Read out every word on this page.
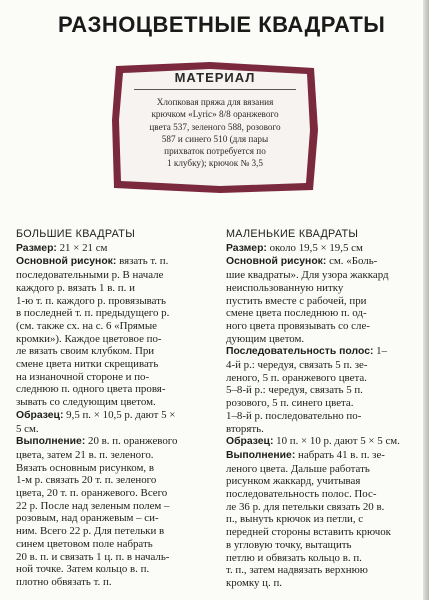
РАЗНОЦВЕТНЫЕ КВАДРАТЫ
МАТЕРИАЛ
Хлопковая пряжа для вязания
крючком «Lyric» 8/8 оранжевого
цвета 537, зеленого 588, розового
587 и синего 510 (для пары
прихваток потребуется по
1 клубку); крючок № 3,5
БОЛЬШИЕ КВАДРАТЫ

Размер: 21 × 21 см

Основной рисунок: вязать т. п.
последовательными р. В начале
каждого р. вязать 1 в. п. и
1-ю т. п. каждого р. провязывать
в последней т. п. предыдущего р.
(см. также сх. на с. 6 «Прямые
кромки»). Каждое цветовое по-
ле вязать своим клубком. При
смене цвета нитки скрещивать
на изнаночной стороне и по-
следнюю п. одного цвета провя-
зывать со следующим цветом.

Образец: 9,5 п. × 10,5 р. дают 5 ×
5 см.

Выполнение: 20 в. п. оранжевого
цвета, затем 21 в. п. зеленого.
Вязать основным рисунком, в
1-м р. связать 20 т. п. зеленого
цвета, 20 т. п. оранжевого. Всего
22 р. После над зеленым полем –
розовым, над оранжевым – си-
ним. Всего 22 р. Для петельки в
синем цветовом поле набрать
20 в. п. и связать 1 ц. п. в началь-
ной точке. Затем кольцо в. п.
плотно обвязать т. п.

МАЛЕНЬКИЕ КВАДРАТЫ

Размер: около 19,5 × 19,5 см

Основной рисунок: см. «Боль-
шие квадраты». Для узора жаккард
неиспользованную нитку
пустить вместе с рабочей, при
смене цвета последнюю п. од-
ного цвета провязывать со сле-
дующим цветом.

Последовательность полос: 1–
4-й р.: чередуя, связать 5 п. зе-
леного, 5 п. оранжевого цвета.
5–8-й р.: чередуя, связать 5 п.
розового, 5 п. синего цвета.
1–8-й р. последовательно по-
вторять.

Образец: 10 п. × 10 р. дают 5 × 5 см.

Выполнение: набрать 41 в. п. зе-
леного цвета. Дальше работать
рисунком жаккард, учитывая
последовательность полос. Пос-
ле 36 р. для петельки связать 20 в.
п., вынуть крючок из петли, с
передней стороны вставить крючок
в угловую точку, вытащить
петлю и обвязать кольцо в. п.
т. п., затем надвязать верхнюю
кромку ц. п.
